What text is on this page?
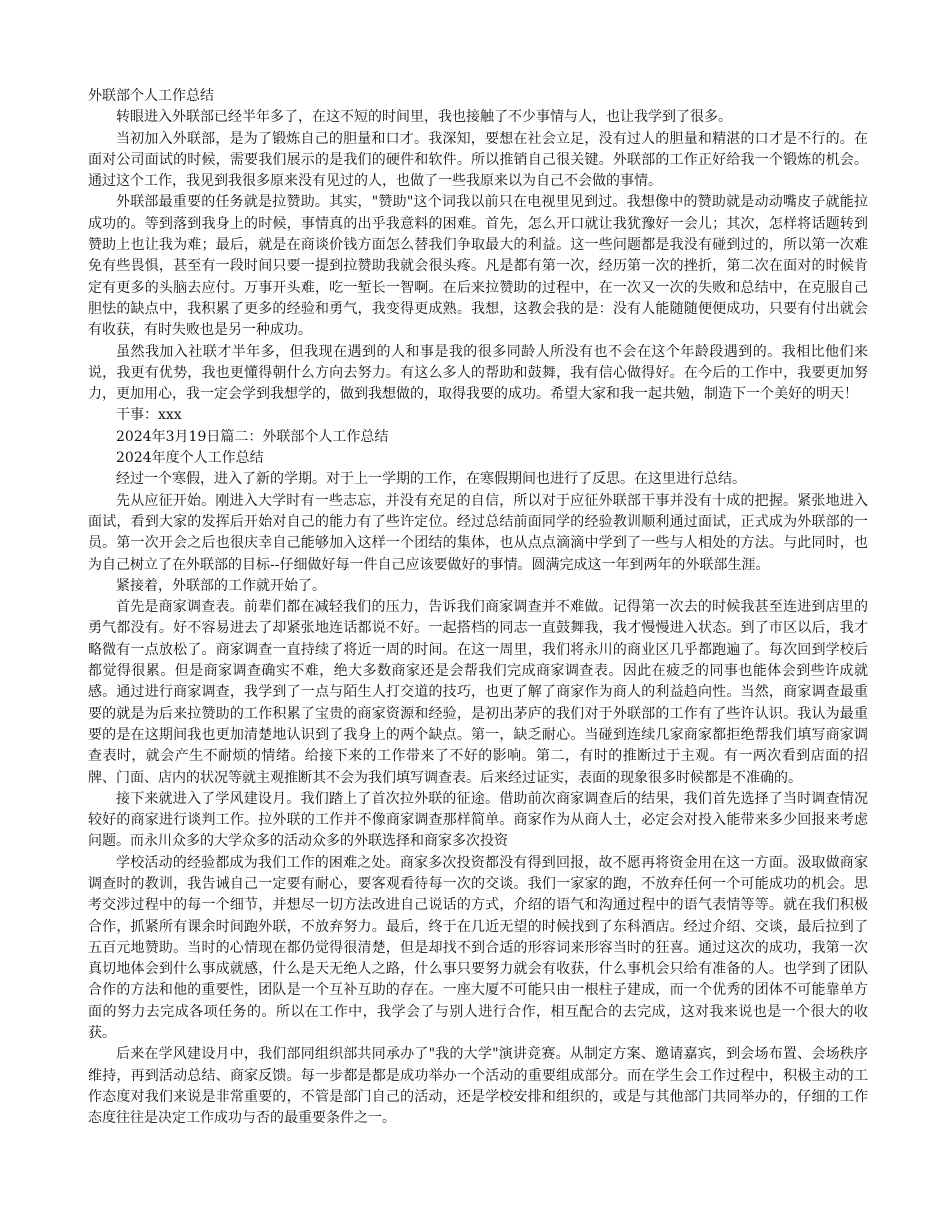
外联部个人工作总结

转眼进入外联部已经半年多了，在这不短的时间里，我也接触了不少事情与人，也让我学到了很多。

当初加入外联部，是为了锻炼自己的胆量和口才。我深知，要想在社会立足，没有过人的胆量和精湛的口才是不行的。在面对公司面试的时候，需要我们展示的是我们的硬件和软件。所以推销自己很关键。外联部的工作正好给我一个锻炼的机会。通过这个工作，我见到我很多原来没有见过的人，也做了一些我原来以为自己不会做的事情。

外联部最重要的任务就是拉赞助。其实，"赞助"这个词我以前只在电视里见到过。我想像中的赞助就是动动嘴皮子就能拉成功的。等到落到我身上的时候，事情真的出乎我意料的困难。首先，怎么开口就让我犹豫好一会儿；其次，怎样将话题转到赞助上也让我为难；最后，就是在商谈价钱方面怎么替我们争取最大的利益。这一些问题都是我没有碰到过的，所以第一次难免有些畏惧，甚至有一段时间只要一提到拉赞助我就会很头疼。凡是都有第一次，经历第一次的挫折，第二次在面对的时候肯定有更多的头脑去应付。万事开头难，吃一堑长一智啊。在后来拉赞助的过程中，在一次又一次的失败和总结中，在克服自己胆怯的缺点中，我积累了更多的经验和勇气，我变得更成熟。我想，这教会我的是：没有人能随随便便成功，只要有付出就会有收获，有时失败也是另一种成功。

虽然我加入社联才半年多，但我现在遇到的人和事是我的很多同龄人所没有也不会在这个年龄段遇到的。我相比他们来说，我更有优势，我也更懂得朝什么方向去努力。有这么多人的帮助和鼓舞，我有信心做得好。在今后的工作中，我要更加努力，更加用心，我一定会学到我想学的，做到我想做的，取得我要的成功。希望大家和我一起共勉，制造下一个美好的明天！

干事：xxx

2024年3月19日篇二：外联部个人工作总结

2024年度个人工作总结

经过一个寒假，进入了新的学期。对于上一学期的工作，在寒假期间也进行了反思。在这里进行总结。

先从应征开始。刚进入大学时有一些志忘，并没有充足的自信，所以对于应征外联部干事并没有十成的把握。紧张地进入面试，看到大家的发挥后开始对自己的能力有了些许定位。经过总结前面同学的经验教训顺利通过面试，正式成为外联部的一员。第一次开会之后也很庆幸自己能够加入这样一个团结的集体，也从点点滴滴中学到了一些与人相处的方法。与此同时，也为自己树立了在外联部的目标--仔细做好每一件自己应该要做好的事情。圆满完成这一年到两年的外联部生涯。

紧接着，外联部的工作就开始了。

首先是商家调查表。前辈们都在减轻我们的压力，告诉我们商家调查并不难做。记得第一次去的时候我甚至连进到店里的勇气都没有。好不容易进去了却紧张地连话都说不好。一起搭档的同志一直鼓舞我，我才慢慢进入状态。到了市区以后，我才略微有一点放松了。商家调查一直持续了将近一周的时间。在这一周里，我们将永川的商业区几乎都跑遍了。每次回到学校后都觉得很累。但是商家调查确实不难，绝大多数商家还是会帮我们完成商家调查表。因此在疲乏的同事也能体会到些许成就感。通过进行商家调查，我学到了一点与陌生人打交道的技巧，也更了解了商家作为商人的利益趋向性。当然，商家调查最重要的就是为后来拉赞助的工作积累了宝贵的商家资源和经验，是初出茅庐的我们对于外联部的工作有了些许认识。我认为最重要的是在这期间我也更加清楚地认识到了我身上的两个缺点。第一，缺乏耐心。当碰到连续几家商家都拒绝帮我们填写商家调查表时，就会产生不耐烦的情绪。给接下来的工作带来了不好的影响。第二，有时的推断过于主观。有一两次看到店面的招牌、门面、店内的状况等就主观推断其不会为我们填写调查表。后来经过证实，表面的现象很多时候都是不准确的。

接下来就进入了学风建设月。我们踏上了首次拉外联的征途。借助前次商家调查后的结果，我们首先选择了当时调查情况较好的商家进行谈判工作。拉外联的工作并不像商家调查那样简单。商家作为从商人士，必定会对投入能带来多少回报来考虑问题。而永川众多的大学众多的活动众多的外联选择和商家多次投资

学校活动的经验都成为我们工作的困难之处。商家多次投资都没有得到回报，故不愿再将资金用在这一方面。汲取做商家调查时的教训，我告诫自己一定要有耐心，要客观看待每一次的交谈。我们一家家的跑，不放弃任何一个可能成功的机会。思考交涉过程中的每一个细节，并想尽一切方法改进自己说话的方式，介绍的语气和沟通过程中的语气表情等等。就在我们积极合作，抓紧所有课余时间跑外联，不放弃努力。最后，终于在几近无望的时候找到了东科酒店。经过介绍、交谈，最后拉到了五百元地赞助。当时的心情现在都仍觉得很清楚，但是却找不到合适的形容词来形容当时的狂喜。通过这次的成功，我第一次真切地体会到什么事成就感，什么是天无绝人之路，什么事只要努力就会有收获，什么事机会只给有准备的人。也学到了团队合作的方法和他的重要性，团队是一个互补互助的存在。一座大厦不可能只由一根柱子建成，而一个优秀的团体不可能靠单方面的努力去完成各项任务的。所以在工作中，我学会了与别人进行合作，相互配合的去完成，这对我来说也是一个很大的收获。

后来在学风建设月中，我们部同组织部共同承办了"我的大学"演讲竞赛。从制定方案、邀请嘉宾，到会场布置、会场秩序维持，再到活动总结、商家反馈。每一步都是都是成功举办一个活动的重要组成部分。而在学生会工作过程中，积极主动的工作态度对我们来说是非常重要的，不管是部门自己的活动，还是学校安排和组织的，或是与其他部门共同举办的，仔细的工作态度往往是决定工作成功与否的最重要条件之一。
